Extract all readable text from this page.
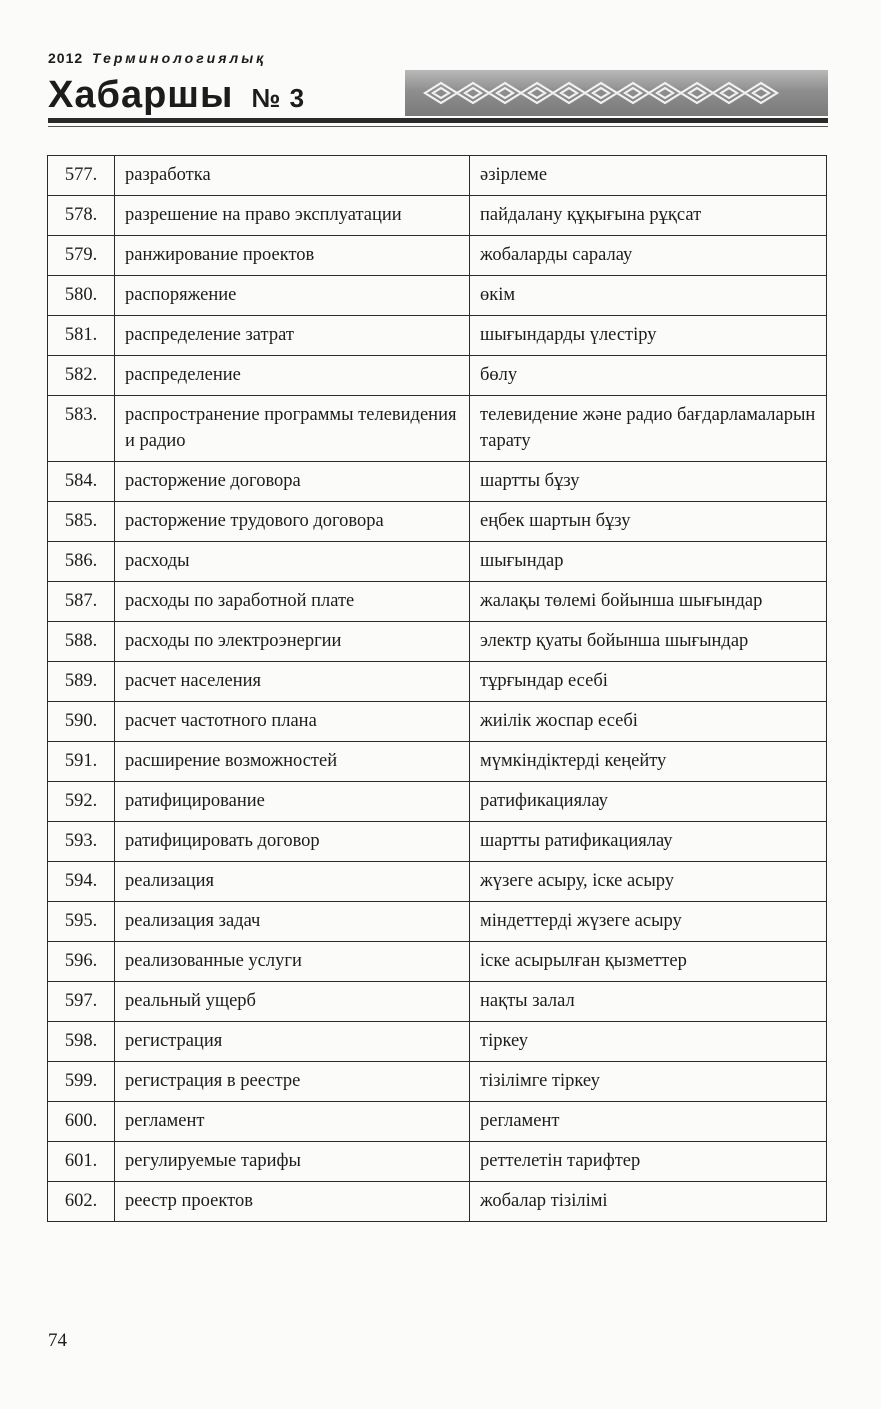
2012 Терминологиялық
Хабаршы № 3
577.	разработка	әзірлеме
578.	разрешение на право эксплуатации	пайдалану құқығына рұқсат
579.	ранжирование проектов	жобаларды саралау
580.	распоряжение	өкім
581.	распределение затрат	шығындарды үлестіру
582.	распределение	бөлу
583.	распространение программы телевидения и радио	телевидение және радио бағдарламаларын тарату
584.	расторжение договора	шартты бұзу
585.	расторжение трудового договора	еңбек шартын бұзу
586.	расходы	шығындар
587.	расходы по заработной плате	жалақы төлемі бойынша шығындар
588.	расходы по электроэнергии	электр қуаты бойынша шығындар
589.	расчет населения	тұрғындар есебі
590.	расчет частотного плана	жиілік жоспар есебі
591.	расширение возможностей	мүмкіндіктерді кеңейту
592.	ратифицирование	ратификациялау
593.	ратифицировать договор	шартты ратификациялау
594.	реализация	жүзеге асыру, іске асыру
595.	реализация задач	міндеттерді жүзеге асыру
596.	реализованные услуги	іске асырылған қызметтер
597.	реальный ущерб	нақты залал
598.	регистрация	тіркеу
599.	регистрация в реестре	тізілімге тіркеу
600.	регламент	регламент
601.	регулируемые тарифы	реттелетін тарифтер
602.	реестр проектов	жобалар тізілімі
74
